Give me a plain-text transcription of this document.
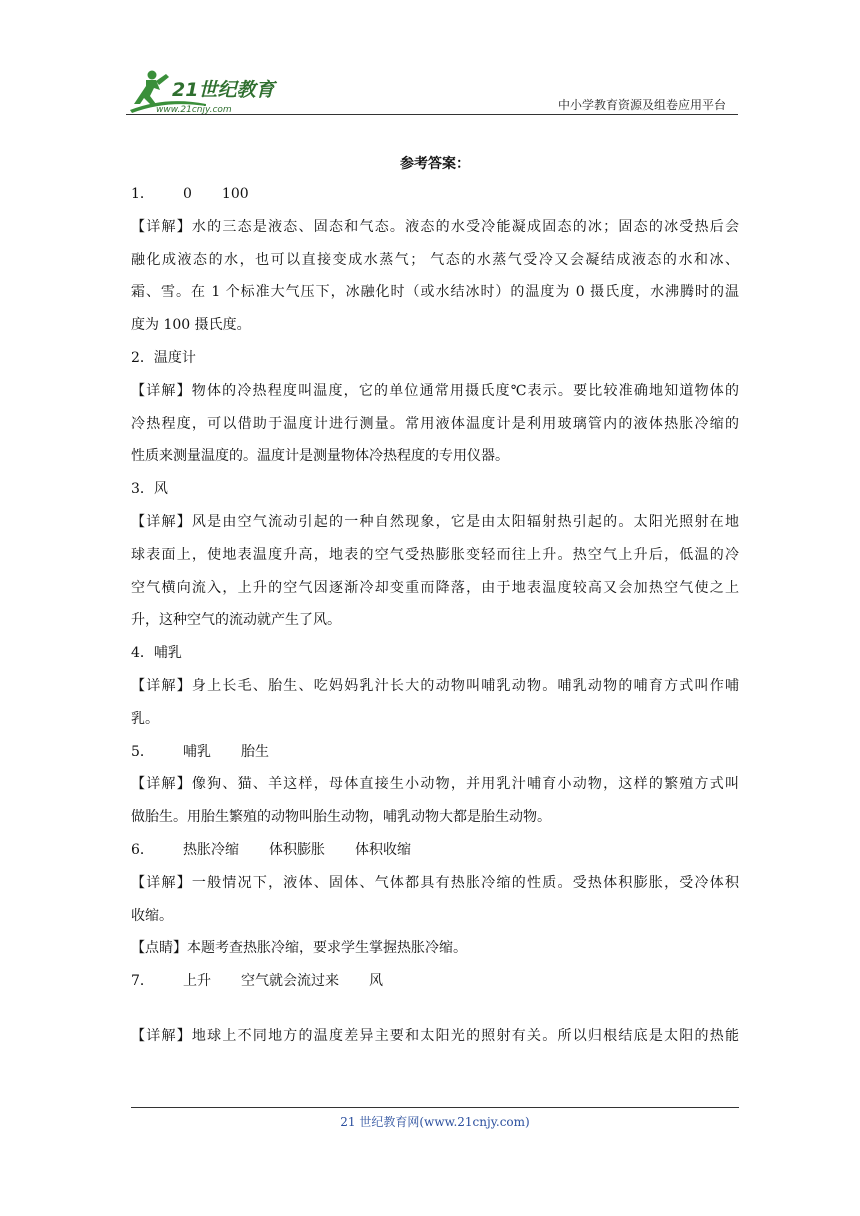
21世纪教育
www.21cnjy.com	中小学教育资源及组卷应用平台
参考答案：
1． 0 100
【详解】水的三态是液态、固态和气态。液态的水受冷能凝成固态的冰；固态的冰受热后会
融化成液态的水，也可以直接变成水蒸气； 气态的水蒸气受冷又会凝结成液态的水和冰、
霜、雪。在 1 个标准大气压下，冰融化时（或水结冰时）的温度为 0 摄氏度，水沸腾时的温
度为 100 摄氏度。
2．温度计
【详解】物体的冷热程度叫温度，它的单位通常用摄氏度℃表示。要比较准确地知道物体的
冷热程度，可以借助于温度计进行测量。常用液体温度计是利用玻璃管内的液体热胀冷缩的
性质来测量温度的。温度计是测量物体冷热程度的专用仪器。
3．风
【详解】风是由空气流动引起的一种自然现象，它是由太阳辐射热引起的。太阳光照射在地
球表面上，使地表温度升高，地表的空气受热膨胀变轻而往上升。热空气上升后，低温的冷
空气横向流入，上升的空气因逐渐冷却变重而降落，由于地表温度较高又会加热空气使之上
升，这种空气的流动就产生了风。
4．哺乳
【详解】身上长毛、胎生、吃妈妈乳汁长大的动物叫哺乳动物。哺乳动物的哺育方式叫作哺
乳。
5． 哺乳 胎生
【详解】像狗、猫、羊这样，母体直接生小动物，并用乳汁哺育小动物，这样的繁殖方式叫
做胎生。用胎生繁殖的动物叫胎生动物，哺乳动物大都是胎生动物。
6． 热胀冷缩 体积膨胀 体积收缩
【详解】一般情况下，液体、固体、气体都具有热胀冷缩的性质。受热体积膨胀，受冷体积
收缩。
【点睛】本题考查热胀冷缩，要求学生掌握热胀冷缩。
7． 上升 空气就会流过来 风
【详解】地球上不同地方的温度差异主要和太阳光的照射有关。所以归根结底是太阳的热能
21 世纪教育网(www.21cnjy.com)
